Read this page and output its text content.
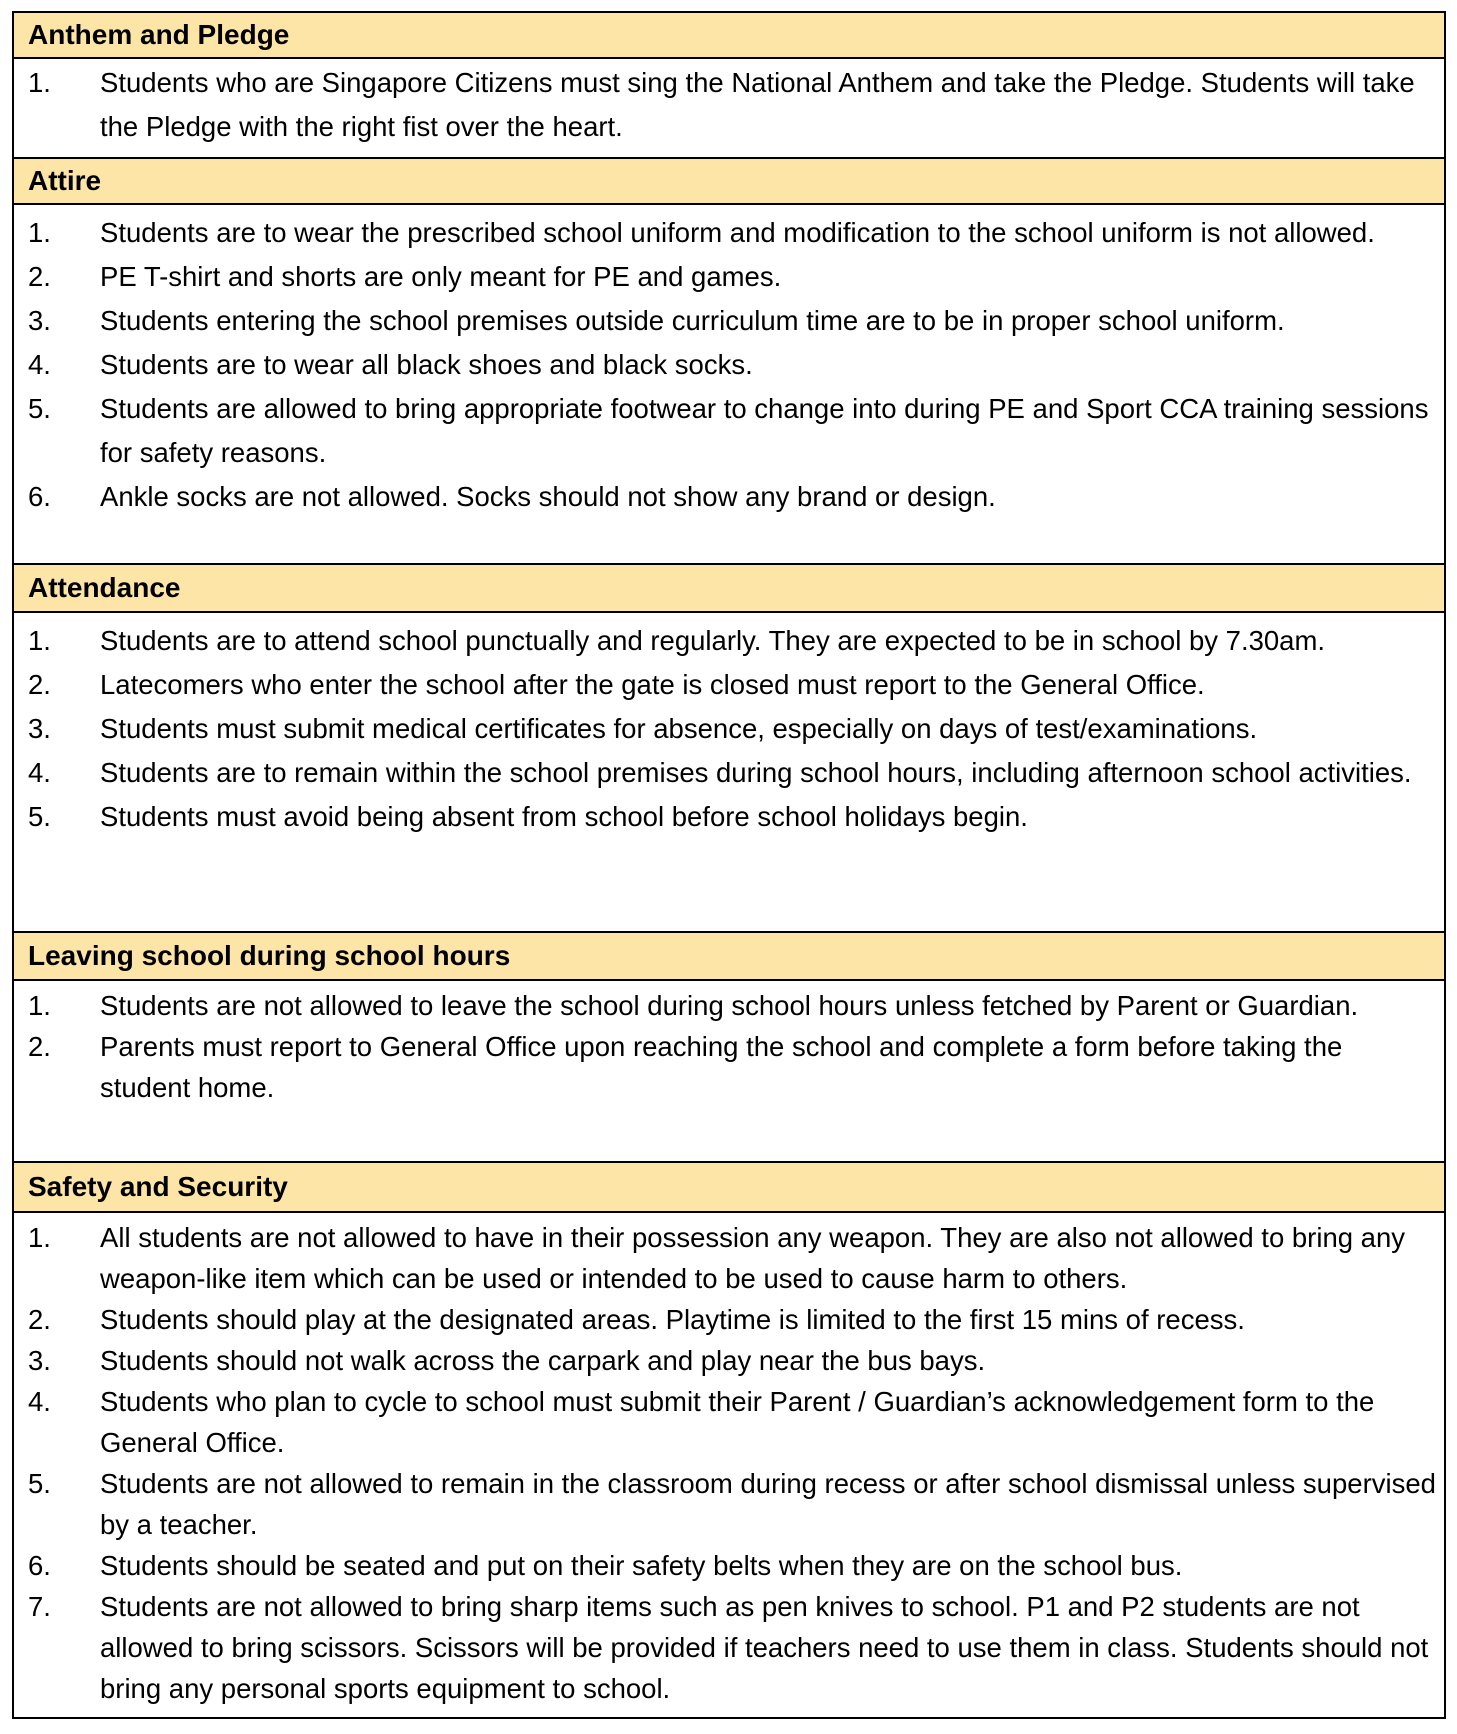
Anthem and Pledge
1.	Students who are Singapore Citizens must sing the National Anthem and take the Pledge. Students will take the Pledge with the right fist over the heart.
Attire
1.	Students are to wear the prescribed school uniform and modification to the school uniform is not allowed.
2.	PE T-shirt and shorts are only meant for PE and games.
3.	Students entering the school premises outside curriculum time are to be in proper school uniform.
4.	Students are to wear all black shoes and black socks.
5.	Students are allowed to bring appropriate footwear to change into during PE and Sport CCA training sessions for safety reasons.
6.	Ankle socks are not allowed. Socks should not show any brand or design.
Attendance
1.	Students are to attend school punctually and regularly. They are expected to be in school by 7.30am.
2.	Latecomers who enter the school after the gate is closed must report to the General Office.
3.	Students must submit medical certificates for absence, especially on days of test/examinations.
4.	Students are to remain within the school premises during school hours, including afternoon school activities.
5.	Students must avoid being absent from school before school holidays begin.
Leaving school during school hours
1.	Students are not allowed to leave the school during school hours unless fetched by Parent or Guardian.
2.	Parents must report to General Office upon reaching the school and complete a form before taking the student home.
Safety and Security
1.	All students are not allowed to have in their possession any weapon. They are also not allowed to bring any weapon-like item which can be used or intended to be used to cause harm to others.
2.	Students should play at the designated areas. Playtime is limited to the first 15 mins of recess.
3.	Students should not walk across the carpark and play near the bus bays.
4.	Students who plan to cycle to school must submit their Parent / Guardian’s acknowledgement form to the General Office.
5.	Students are not allowed to remain in the classroom during recess or after school dismissal unless supervised by a teacher.
6.	Students should be seated and put on their safety belts when they are on the school bus.
7.	Students are not allowed to bring sharp items such as pen knives to school. P1 and P2 students are not allowed to bring scissors. Scissors will be provided if teachers need to use them in class. Students should not bring any personal sports equipment to school.
